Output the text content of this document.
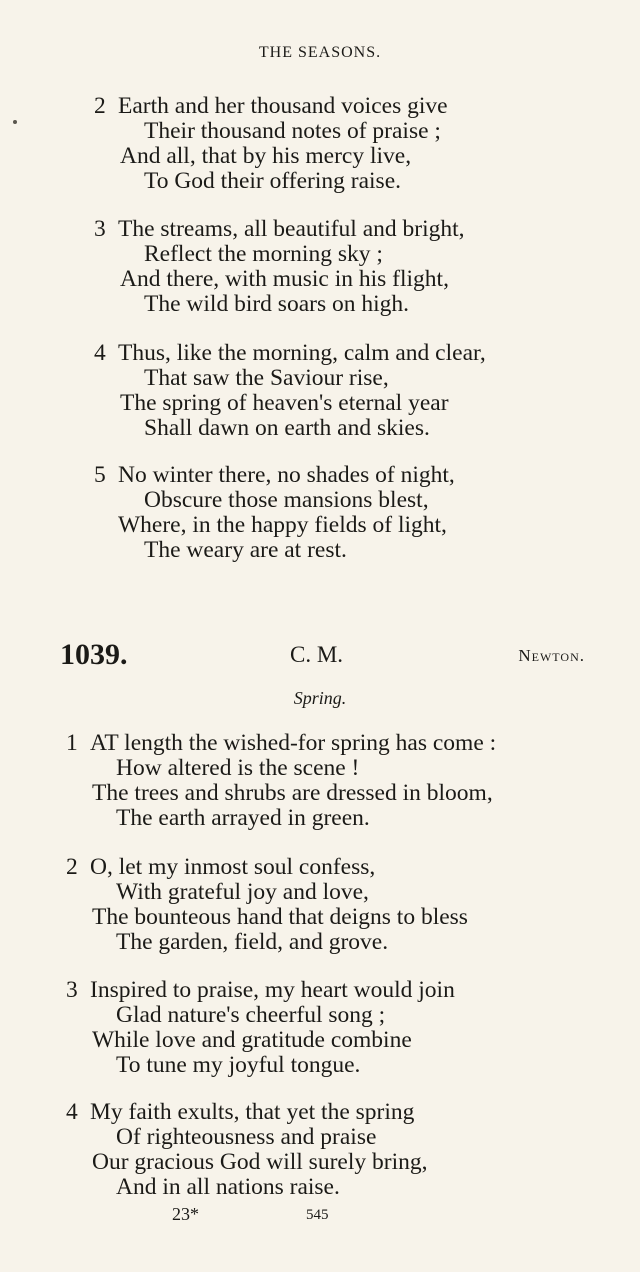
THE SEASONS.
2 Earth and her thousand voices give
Their thousand notes of praise ;
And all, that by his mercy live,
To God their offering raise.
3 The streams, all beautiful and bright,
Reflect the morning sky ;
And there, with music in his flight,
The wild bird soars on high.
4 Thus, like the morning, calm and clear,
That saw the Saviour rise,
The spring of heaven's eternal year
Shall dawn on earth and skies.
5 No winter there, no shades of night,
Obscure those mansions blest,
Where, in the happy fields of light,
The weary are at rest.
1039.	C. M.	Newton.
Spring.
1 AT length the wished-for spring has come :
How altered is the scene !
The trees and shrubs are dressed in bloom,
The earth arrayed in green.
2 O, let my inmost soul confess,
With grateful joy and love,
The bounteous hand that deigns to bless
The garden, field, and grove.
3 Inspired to praise, my heart would join
Glad nature's cheerful song ;
While love and gratitude combine
To tune my joyful tongue.
4 My faith exults, that yet the spring
Of righteousness and praise
Our gracious God will surely bring,
And in all nations raise.
23*	545
